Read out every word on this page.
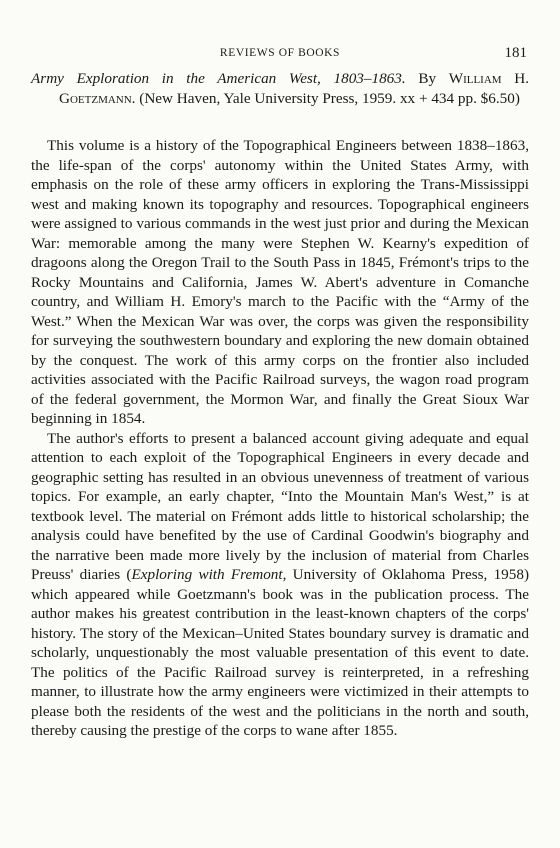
REVIEWS OF BOOKS	181
Army Exploration in the American West, 1803–1863. By William H. Goetzmann. (New Haven, Yale University Press, 1959. xx + 434 pp. $6.50)

This volume is a history of the Topographical Engineers between 1838–1863, the life-span of the corps' autonomy within the United States Army, with emphasis on the role of these army officers in exploring the Trans-Mississippi west and making known its topography and resources. Topographical engineers were assigned to various commands in the west just prior and during the Mexican War: memorable among the many were Stephen W. Kearny's expedition of dragoons along the Oregon Trail to the South Pass in 1845, Frémont's trips to the Rocky Mountains and California, James W. Abert's adventure in Comanche country, and William H. Emory's march to the Pacific with the “Army of the West.” When the Mexican War was over, the corps was given the responsibility for surveying the southwestern boundary and exploring the new domain obtained by the conquest. The work of this army corps on the frontier also included activities associated with the Pacific Railroad surveys, the wagon road program of the federal government, the Mormon War, and finally the Great Sioux War beginning in 1854.

The author's efforts to present a balanced account giving adequate and equal attention to each exploit of the Topographical Engineers in every decade and geographic setting has resulted in an obvious unevenness of treatment of various topics. For example, an early chapter, “Into the Mountain Man's West,” is at textbook level. The material on Frémont adds little to historical scholarship; the analysis could have benefited by the use of Cardinal Goodwin's biography and the narrative been made more lively by the inclusion of material from Charles Preuss' diaries (Exploring with Fremont, University of Oklahoma Press, 1958) which appeared while Goetzmann's book was in the publication process. The author makes his greatest contribution in the least-known chapters of the corps' history. The story of the Mexican–United States boundary survey is dramatic and scholarly, unquestionably the most valuable presentation of this event to date. The politics of the Pacific Railroad survey is reinterpreted, in a refreshing manner, to illustrate how the army engineers were victimized in their attempts to please both the residents of the west and the politicians in the north and south, thereby causing the prestige of the corps to wane after 1855.
